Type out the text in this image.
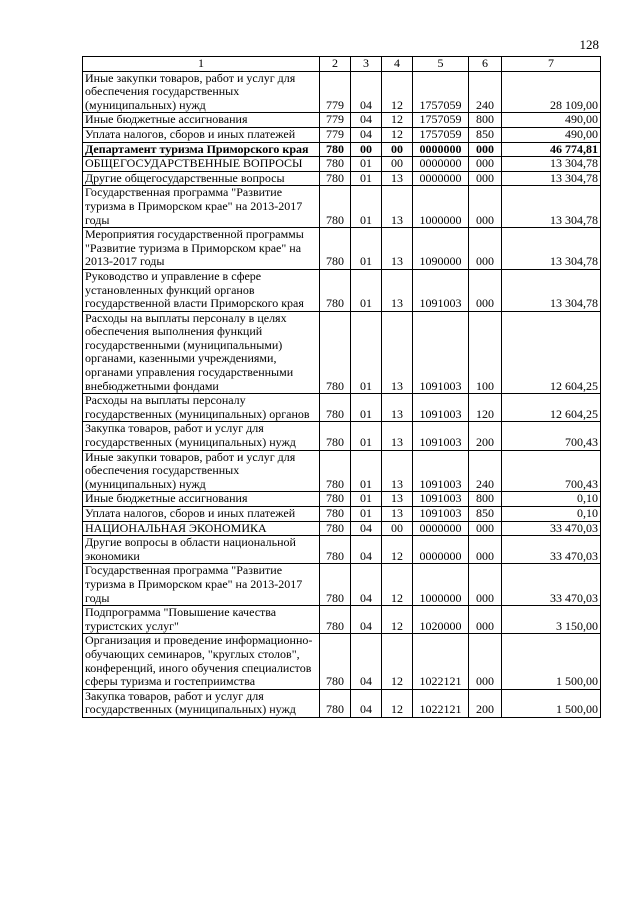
128
1	2	3	4	5	6	7
Иные закупки товаров, работ и услуг для обеспечения государственных (муниципальных) нужд	779	04	12	1757059	240	28 109,00
Иные бюджетные ассигнования	779	04	12	1757059	800	490,00
Уплата налогов, сборов и иных платежей	779	04	12	1757059	850	490,00
Департамент туризма Приморского края	780	00	00	0000000	000	46 774,81
ОБЩЕГОСУДАРСТВЕННЫЕ ВОПРОСЫ	780	01	00	0000000	000	13 304,78
Другие общегосударственные вопросы	780	01	13	0000000	000	13 304,78
Государственная программа "Развитие туризма в Приморском крае" на 2013-2017 годы	780	01	13	1000000	000	13 304,78
Мероприятия государственной программы "Развитие туризма в Приморском крае" на 2013-2017 годы	780	01	13	1090000	000	13 304,78
Руководство и управление в сфере установленных функций органов государственной власти Приморского края	780	01	13	1091003	000	13 304,78
Расходы на выплаты персоналу в целях обеспечения выполнения функций государственными (муниципальными) органами, казенными учреждениями, органами управления государственными внебюджетными фондами	780	01	13	1091003	100	12 604,25
Расходы на выплаты персоналу государственных (муниципальных) органов	780	01	13	1091003	120	12 604,25
Закупка товаров, работ и услуг для государственных (муниципальных) нужд	780	01	13	1091003	200	700,43
Иные закупки товаров, работ и услуг для обеспечения государственных (муниципальных) нужд	780	01	13	1091003	240	700,43
Иные бюджетные ассигнования	780	01	13	1091003	800	0,10
Уплата налогов, сборов и иных платежей	780	01	13	1091003	850	0,10
НАЦИОНАЛЬНАЯ ЭКОНОМИКА	780	04	00	0000000	000	33 470,03
Другие вопросы в области национальной экономики	780	04	12	0000000	000	33 470,03
Государственная программа "Развитие туризма в Приморском крае" на 2013-2017 годы	780	04	12	1000000	000	33 470,03
Подпрограмма "Повышение качества туристских услуг"	780	04	12	1020000	000	3 150,00
Организация и проведение информационно-обучающих семинаров, "круглых столов", конференций, иного обучения специалистов сферы туризма и гостеприимства	780	04	12	1022121	000	1 500,00
Закупка товаров, работ и услуг для государственных (муниципальных) нужд	780	04	12	1022121	200	1 500,00
